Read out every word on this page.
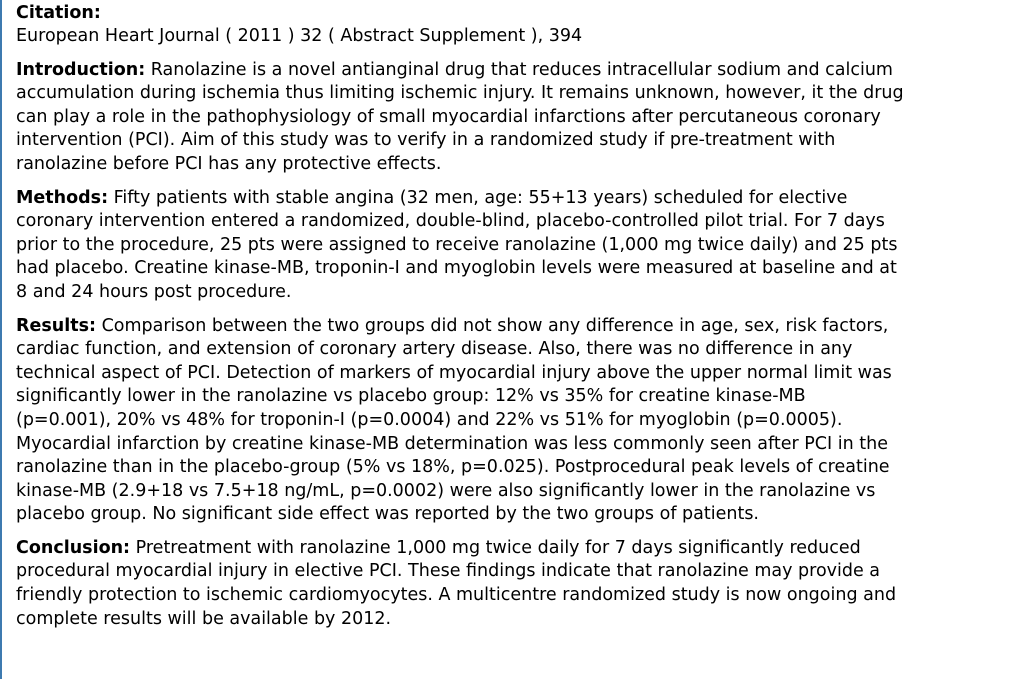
Citation:

European Heart Journal ( 2011 ) 32 ( Abstract Supplement ), 394

Introduction: Ranolazine is a novel antianginal drug that reduces intracellular sodium and calcium

accumulation during ischemia thus limiting ischemic injury. It remains unknown, however, it the drug

can play a role in the pathophysiology of small myocardial infarctions after percutaneous coronary

intervention (PCI). Aim of this study was to verify in a randomized study if pre-treatment with

ranolazine before PCI has any protective effects.

Methods: Fifty patients with stable angina (32 men, age: 55+13 years) scheduled for elective

coronary intervention entered a randomized, double-blind, placebo-controlled pilot trial. For 7 days

prior to the procedure, 25 pts were assigned to receive ranolazine (1,000 mg twice daily) and 25 pts

had placebo. Creatine kinase-MB, troponin-I and myoglobin levels were measured at baseline and at

8 and 24 hours post procedure.

Results: Comparison between the two groups did not show any difference in age, sex, risk factors,

cardiac function, and extension of coronary artery disease. Also, there was no difference in any

technical aspect of PCI. Detection of markers of myocardial injury above the upper normal limit was

significantly lower in the ranolazine vs placebo group: 12% vs 35% for creatine kinase-MB

(p=0.001), 20% vs 48% for troponin-I (p=0.0004) and 22% vs 51% for myoglobin (p=0.0005).

Myocardial infarction by creatine kinase-MB determination was less commonly seen after PCI in the

ranolazine than in the placebo-group (5% vs 18%, p=0.025). Postprocedural peak levels of creatine

kinase-MB (2.9+18 vs 7.5+18 ng/mL, p=0.0002) were also significantly lower in the ranolazine vs

placebo group. No significant side effect was reported by the two groups of patients.

Conclusion: Pretreatment with ranolazine 1,000 mg twice daily for 7 days significantly reduced

procedural myocardial injury in elective PCI. These findings indicate that ranolazine may provide a

friendly protection to ischemic cardiomyocytes. A multicentre randomized study is now ongoing and

complete results will be available by 2012.
